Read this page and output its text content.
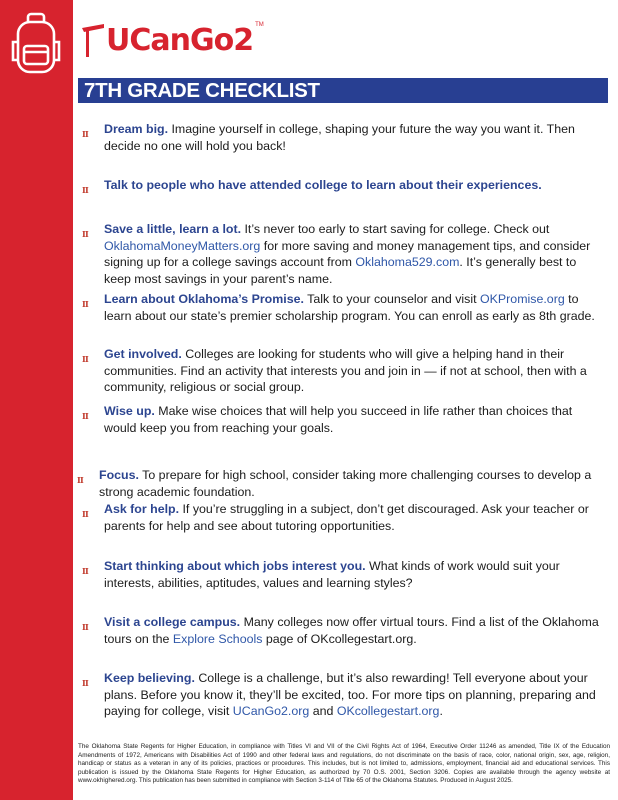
UCanGo2 TM
7TH GRADE CHECKLIST
Ⅱ Dream big. Imagine yourself in college, shaping your future the way you want it. Then decide no one will hold you back!
Ⅱ Talk to people who have attended college to learn about their experiences.
Ⅱ Save a little, learn a lot. It’s never too early to start saving for college. Check out OklahomaMoneyMatters.org for more saving and money management tips, and consider signing up for a college savings account from Oklahoma529.com. It’s generally best to keep most savings in your parent’s name.
Ⅱ Learn about Oklahoma’s Promise. Talk to your counselor and visit OKPromise.org to learn about our state’s premier scholarship program. You can enroll as early as 8th grade.
Ⅱ Get involved. Colleges are looking for students who will give a helping hand in their communities. Find an activity that interests you and join in — if not at school, then with a community, religious or social group.
Ⅱ Wise up. Make wise choices that will help you succeed in life rather than choices that would keep you from reaching your goals.
Ⅱ Focus. To prepare for high school, consider taking more challenging courses to develop a strong academic foundation.
Ⅱ Ask for help. If you’re struggling in a subject, don’t get discouraged. Ask your teacher or parents for help and see about tutoring opportunities.
Ⅱ Start thinking about which jobs interest you. What kinds of work would suit your interests, abilities, aptitudes, values and learning styles?
Ⅱ Visit a college campus. Many colleges now offer virtual tours. Find a list of the Oklahoma tours on the Explore Schools page of OKcollegestart.org.
Ⅱ Keep believing. College is a challenge, but it’s also rewarding! Tell everyone about your plans. Before you know it, they’ll be excited, too. For more tips on planning, preparing and paying for college, visit UCanGo2.org and OKcollegestart.org.
The Oklahoma State Regents for Higher Education, in compliance with Titles VI and VII of the Civil Rights Act of 1964, Executive Order 11246 as amended, Title IX of the Education Amendments of 1972, Americans with Disabilities Act of 1990 and other federal laws and regulations, do not discriminate on the basis of race, color, national origin, sex, age, religion, handicap or status as a veteran in any of its policies, practices or procedures. This includes, but is not limited to, admissions, employment, financial aid and educational services. This publication is issued by the Oklahoma State Regents for Higher Education, as authorized by 70 O.S. 2001, Section 3206. Copies are available through the agency website at www.okhighered.org. This publication has been submitted in compliance with Section 3-114 of Title 65 of the Oklahoma Statutes. Produced in August 2025.
